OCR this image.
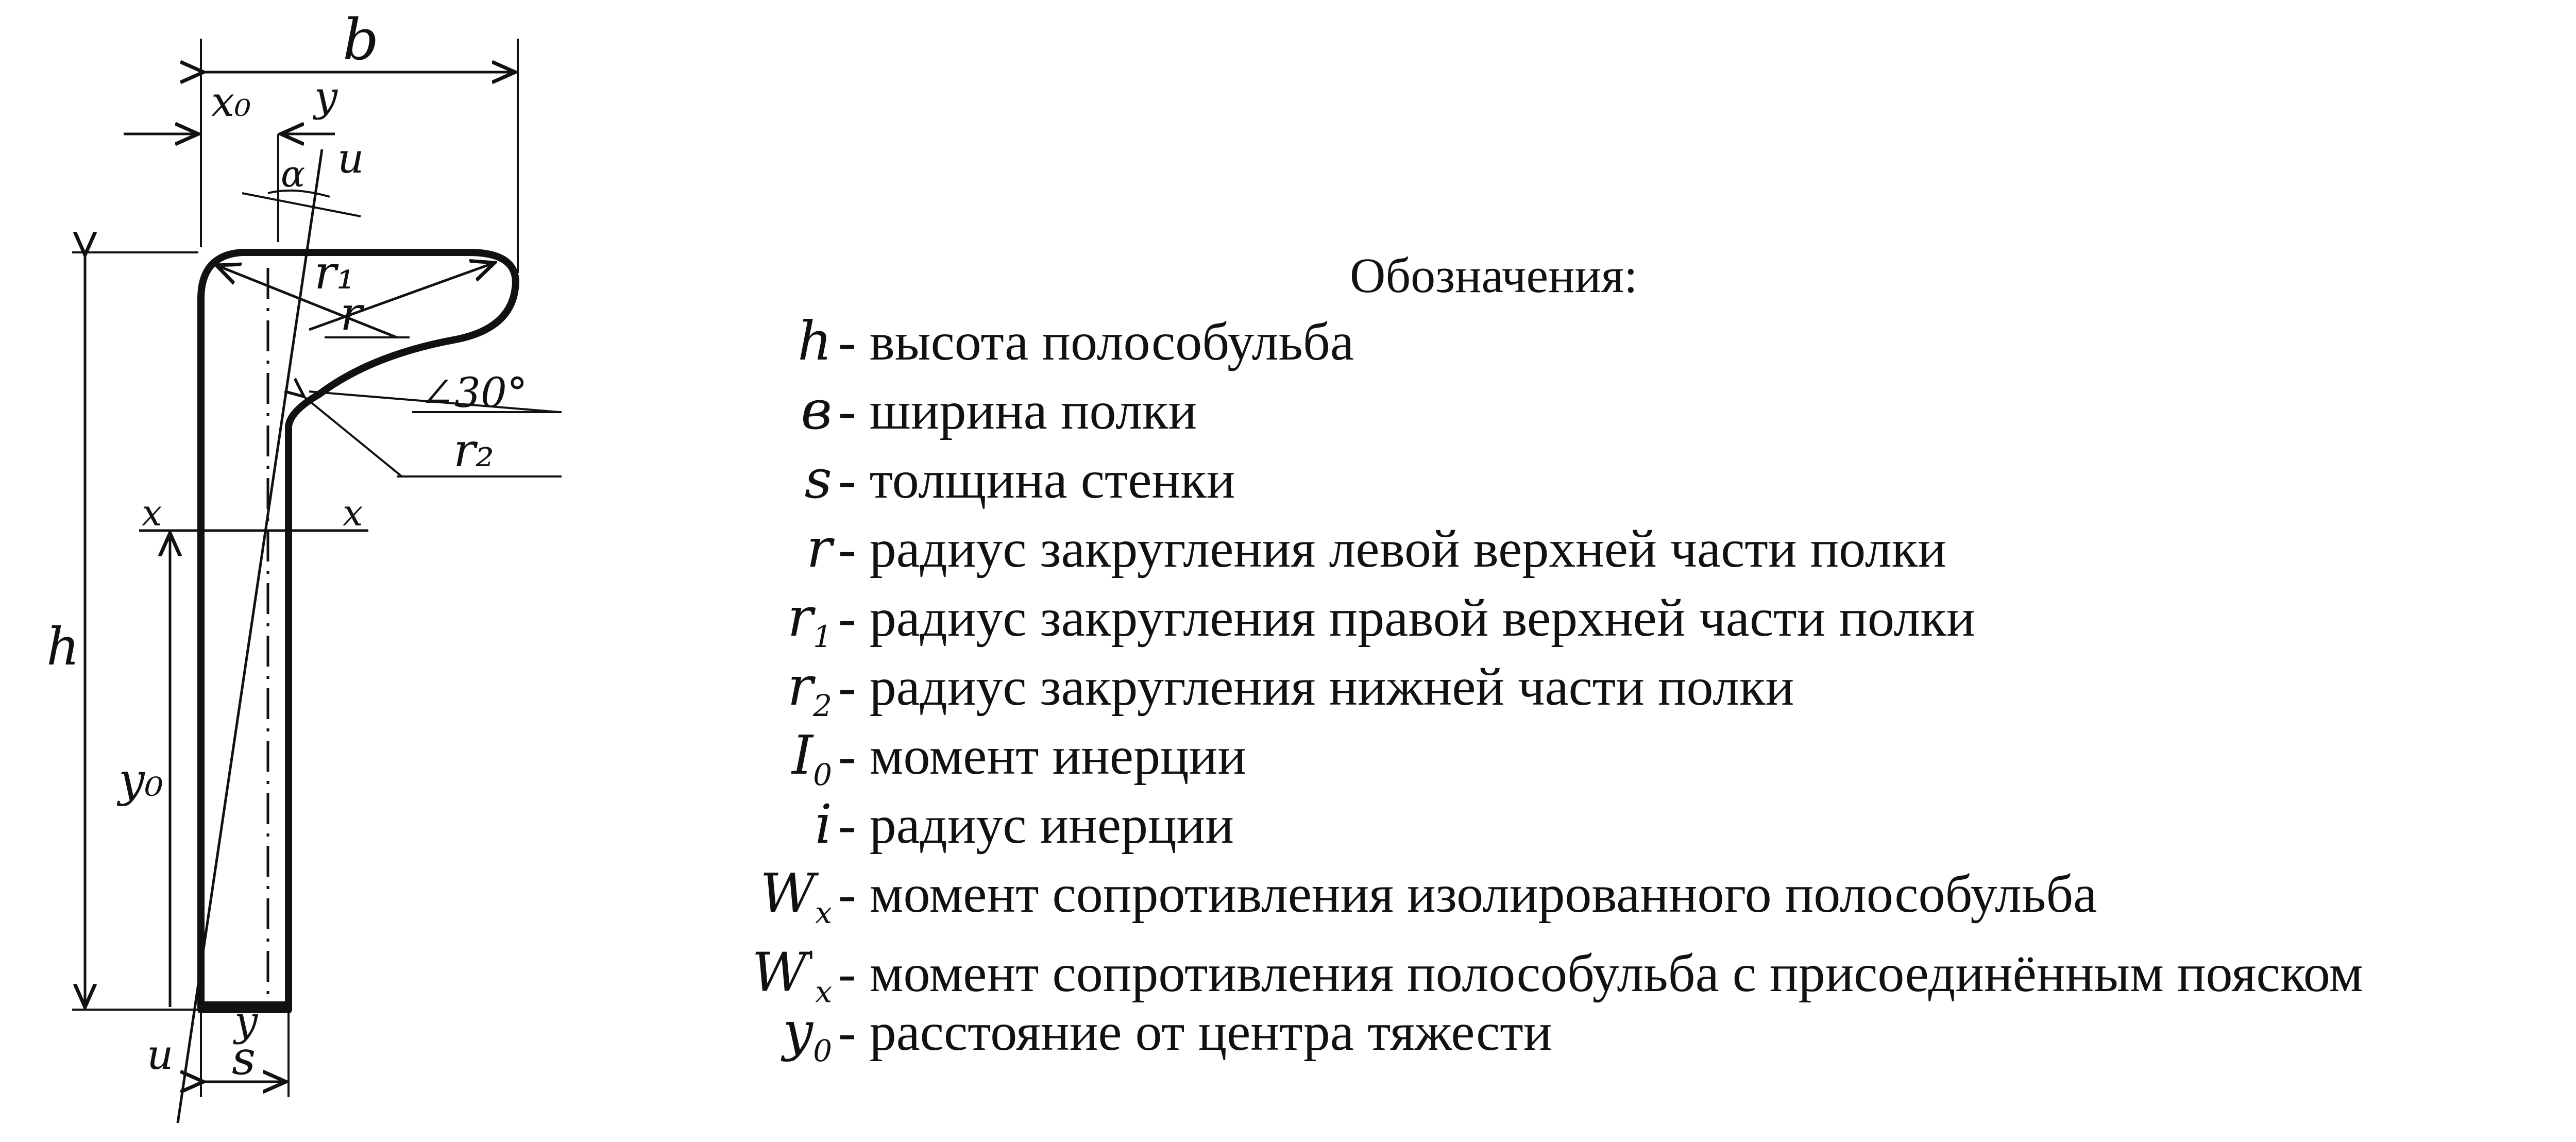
b
x₀ y
u
α
r₁
r
∠30°
r₂
x	x
h
y₀
y
u s
Обозначения:
h - высота полособульба
в - ширина полки
s - толщина стенки
r - радиус закругления левой верхней части полки
$r_1$ - радиус закругления правой верхней части полки
$r_2$ - радиус закругления нижней части полки
$I_0$ - момент инерции
i - радиус инерции
$W_x$ - момент сопротивления изолированного полособульба
$W'_x$ - момент сопротивления полособульба с присоединённым пояском
$y_0$ - расстояние от центра тяжести
